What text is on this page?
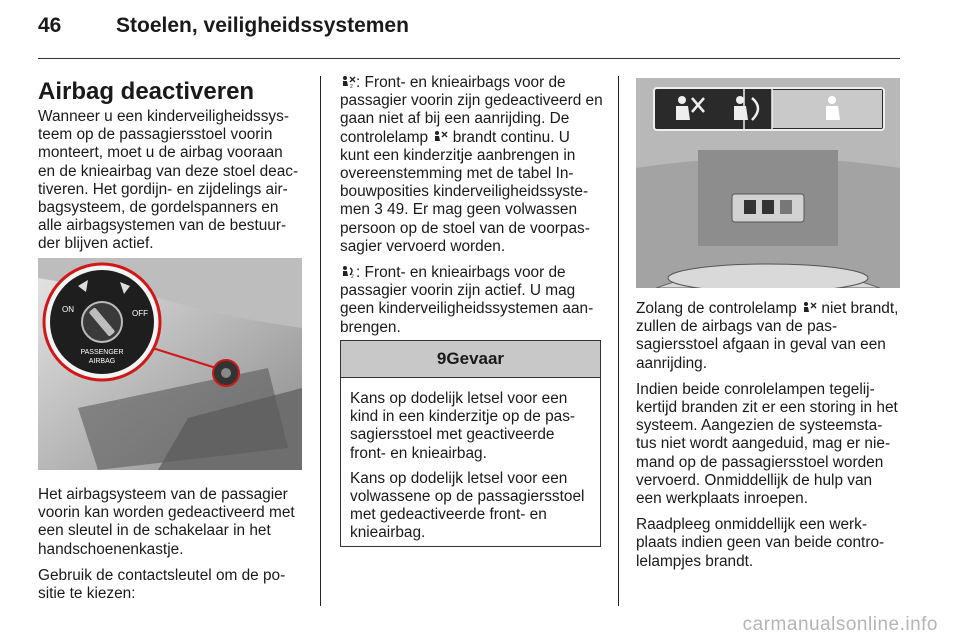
46	Stoelen, veiligheidssystemen
Airbag deactiveren

Wanneer u een kinderveiligheidssys-teem op de passagiersstoel voorin monteert, moet u de airbag vooraan en de knieairbag van deze stoel deac-tiveren. Het gordijn- en zijdelings air-bagsysteem, de gordelspanners en alle airbagsystemen van de bestuur-der blijven actief.

ON	OFF
PASSENGER
AIRBAG

Het airbagsysteem van de passagier voorin kan worden gedeactiveerd met een sleutel in de schakelaar in het handschoenenkastje.

Gebruik de contactsleutel om de po-sitie te kiezen:

2 : Front- en knieairbags voor de passagier voorin zijn gedeactiveerd en gaan niet af bij een aanrijding. De controlelamp brandt continu. U kunt een kinderzitje aanbrengen in overeenstemming met de tabel In-bouwposities kinderveiligheidssyste-men 3 49. Er mag geen volwassen persoon op de stoel van de voorpas-sagier vervoerd worden.

2 : Front- en knieairbags voor de passagier voorin zijn actief. U mag geen kinderveiligheidssystemen aan-brengen.

9Gevaar

Kans op dodelijk letsel voor een kind in een kinderzitje op de pas-sagiersstoel met geactiveerde front- en knieairbag.

Kans op dodelijk letsel voor een volwassene op de passagiersstoel met gedeactiveerde front- en knieairbag.

Zolang de controlelamp niet brandt, zullen de airbags van de pas-sagiersstoel afgaan in geval van een aanrijding.

Indien beide conrolelampen tegelij-kertijd branden zit er een storing in het systeem. Aangezien de systeemsta-tus niet wordt aangeduid, mag er nie-mand op de passagiersstoel worden vervoerd. Onmiddellijk de hulp van een werkplaats inroepen.

Raadpleeg onmiddellijk een werk-plaats indien geen van beide contro-lelampjes brandt.

carmanualsonline.info
